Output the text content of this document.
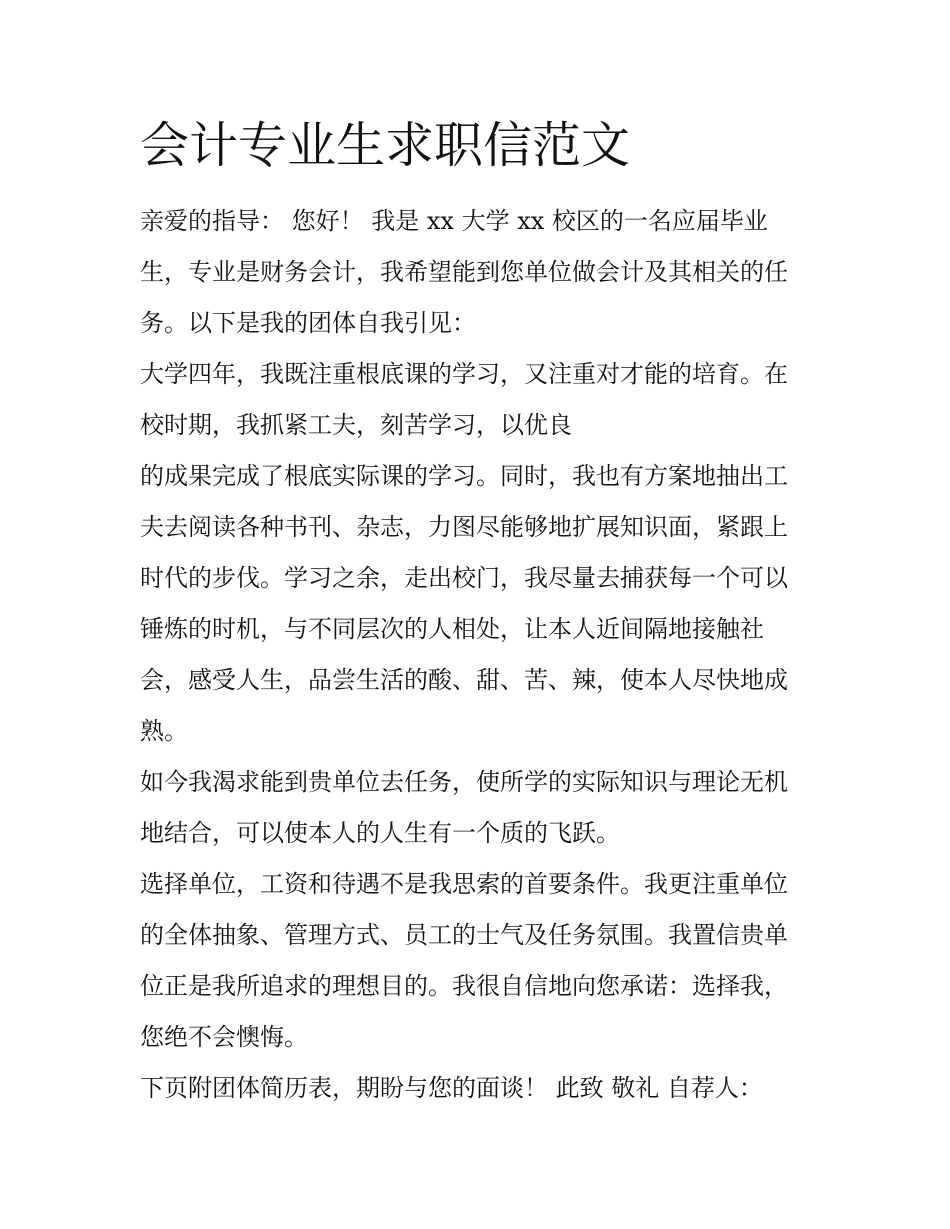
会计专业生求职信范文
亲爱的指导： 您好！ 我是 xx 大学 xx 校区的一名应届毕业
生，专业是财务会计，我希望能到您单位做会计及其相关的任
务。以下是我的团体自我引见：
大学四年，我既注重根底课的学习，又注重对才能的培育。在
校时期，我抓紧工夫，刻苦学习，以优良
的成果完成了根底实际课的学习。同时，我也有方案地抽出工
夫去阅读各种书刊、杂志，力图尽能够地扩展知识面，紧跟上
时代的步伐。学习之余，走出校门，我尽量去捕获每一个可以
锤炼的时机，与不同层次的人相处，让本人近间隔地接触社
会，感受人生，品尝生活的酸、甜、苦、辣，使本人尽快地成
熟。
如今我渴求能到贵单位去任务，使所学的实际知识与理论无机
地结合，可以使本人的人生有一个质的飞跃。
选择单位，工资和待遇不是我思索的首要条件。我更注重单位
的全体抽象、管理方式、员工的士气及任务氛围。我置信贵单
位正是我所追求的理想目的。我很自信地向您承诺：选择我，
您绝不会懊悔。
下页附团体简历表，期盼与您的面谈！ 此致 敬礼 自荐人：
